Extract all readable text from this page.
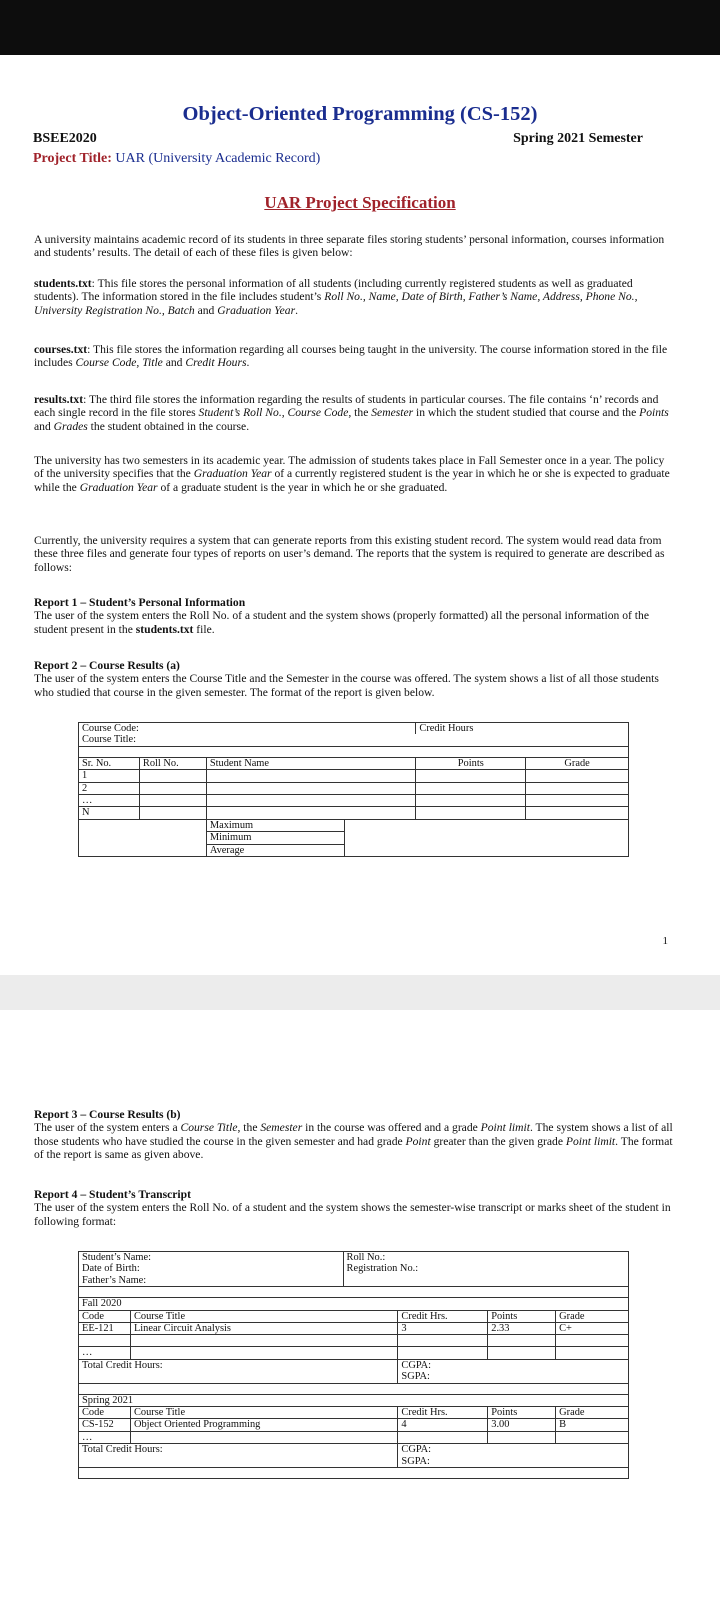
Object-Oriented Programming (CS-152)
BSEE2020	Spring 2021 Semester
Project Title: UAR (University Academic Record)
UAR Project Specification

A university maintains academic record of its students in three separate files storing students’ personal information, courses information and students’ results. The detail of each of these files is given below:

students.txt: This file stores the personal information of all students (including currently registered students as well as graduated students). The information stored in the file includes student’s Roll No., Name, Date of Birth, Father’s Name, Address, Phone No., University Registration No., Batch and Graduation Year.

courses.txt: This file stores the information regarding all courses being taught in the university. The course information stored in the file includes Course Code, Title and Credit Hours.

results.txt: The third file stores the information regarding the results of students in particular courses. The file contains ‘n’ records and each single record in the file stores Student’s Roll No., Course Code, the Semester in which the student studied that course and the Points and Grades the student obtained in the course.

The university has two semesters in its academic year. The admission of students takes place in Fall Semester once in a year. The policy of the university specifies that the Graduation Year of a currently registered student is the year in which he or she is expected to graduate while the Graduation Year of a graduate student is the year in which he or she graduated.

Currently, the university requires a system that can generate reports from this existing student record. The system would read data from these three files and generate four types of reports on user’s demand. The reports that the system is required to generate are described as follows:

Report 1 – Student’s Personal Information
The user of the system enters the Roll No. of a student and the system shows (properly formatted) all the personal information of the student present in the students.txt file.

Report 2 – Course Results (a)
The user of the system enters the Course Title and the Semester in the course was offered. The system shows a list of all those students who studied that course in the given semester. The format of the report is given below.

Course Code:				Credit Hours	
Course Title:					

Sr. No.	Roll No.	Student Name		Points	Grade
1					
2					
…					
N					
		Maximum			
		Minimum			
		Average			
1

Report 3 – Course Results (b)
The user of the system enters a Course Title, the Semester in the course was offered and a grade Point limit. The system shows a list of all those students who have studied the course in the given semester and had grade Point greater than the given grade Point limit. The format of the report is same as given above.

Report 4 – Student’s Transcript
The user of the system enters the Roll No. of a student and the system shows the semester-wise transcript or marks sheet of the student in following format:

Student’s Name:		Roll No.:			
Date of Birth:		Registration No.:			
Father’s Name:					

Fall 2020					
Code	Course Title		Credit Hrs.	Points	Grade
EE-121	Linear Circuit Analysis		3	2.33	C+

…					
Total Credit Hours:			CGPA:		
			SGPA:		

Spring 2021					
Code	Course Title		Credit Hrs.	Points	Grade
CS-152	Object Oriented Programming		4	3.00	B
…					
Total Credit Hours:			CGPA:		
			SGPA:		
